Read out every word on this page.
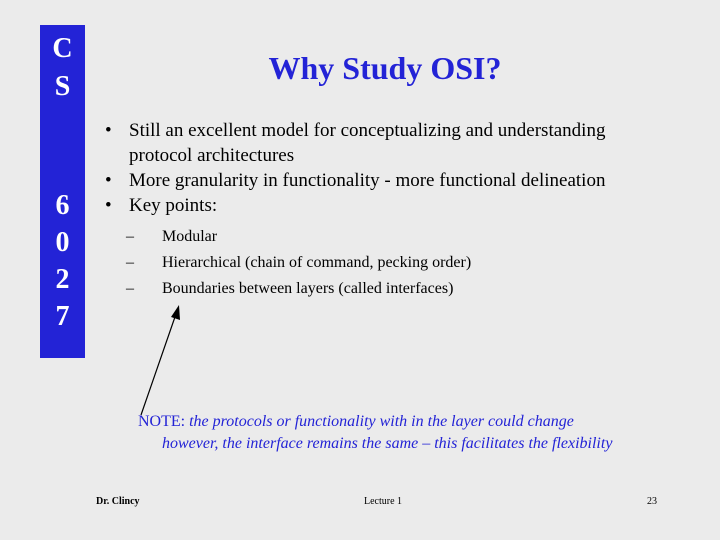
C
S
6
0
2
7
Why Study OSI?
• Still an excellent model for conceptualizing and understanding
protocol architectures
• More granularity in functionality - more functional delineation
• Key points:
– Modular
– Hierarchical (chain of command, pecking order)
– Boundaries between layers (called interfaces)
NOTE: the protocols or functionality with in the layer could change
however, the interface remains the same – this facilitates the flexibility
Dr. Clincy	Lecture 1	23
